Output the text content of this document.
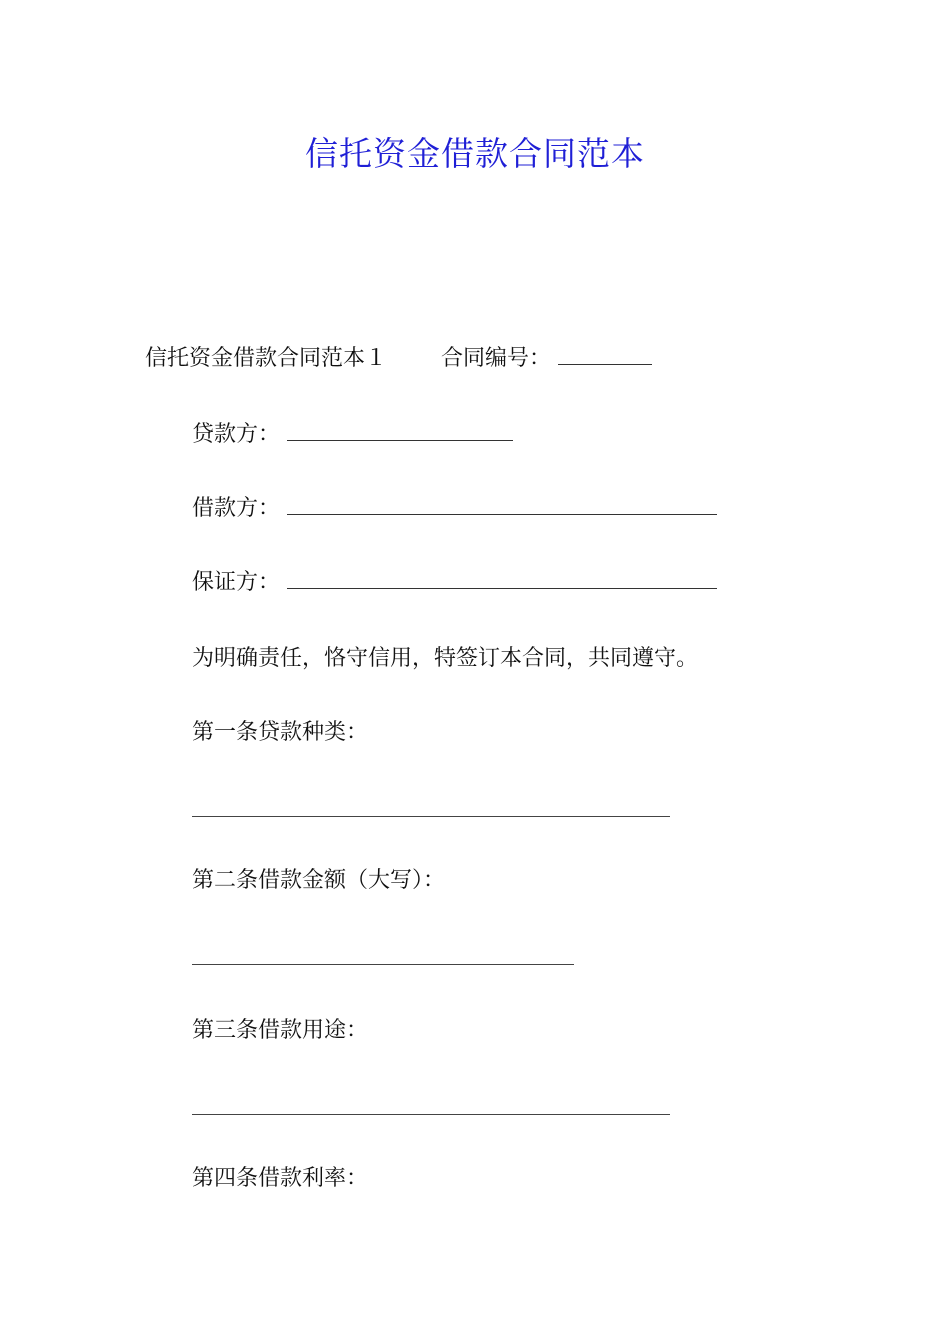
信托资金借款合同范本
信托资金借款合同范本１ 合同编号：
贷款方：
借款方：
保证方：
为明确责任，恪守信用，特签订本合同，共同遵守。
第一条贷款种类：
第二条借款金额（大写）：
第三条借款用途：
第四条借款利率：
